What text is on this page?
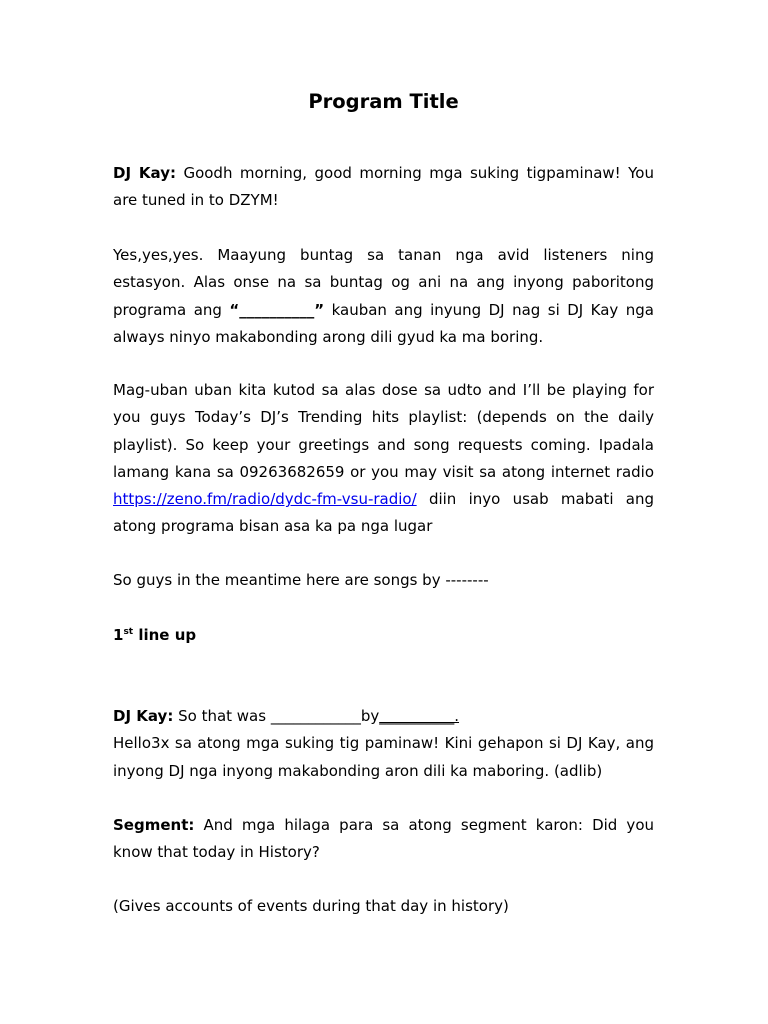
Program Title

DJ Kay: Goodh morning, good morning mga suking tigpaminaw! You are tuned in to DZYM!

Yes,yes,yes. Maayung buntag sa tanan nga avid listeners ning estasyon. Alas onse na sa buntag og ani na ang inyong paboritong programa ang “__________” kauban ang inyung DJ nag si DJ Kay nga always ninyo makabonding arong dili gyud ka ma boring.

Mag-uban uban kita kutod sa alas dose sa udto and I’ll be playing for you guys Today’s DJ’s Trending hits playlist: (depends on the daily playlist). So keep your greetings and song requests coming. Ipadala lamang kana sa 09263682659 or you may visit sa atong internet radio https://zeno.fm/radio/dydc-fm-vsu-radio/ diin inyo usab mabati ang atong programa bisan asa ka pa nga lugar

So guys in the meantime here are songs by --------

1st line up

DJ Kay: So that was ____________by__________.
Hello3x sa atong mga suking tig paminaw! Kini gehapon si DJ Kay, ang inyong DJ nga inyong makabonding aron dili ka maboring. (adlib)

Segment: And mga hilaga para sa atong segment karon: Did you know that today in History?

(Gives accounts of events during that day in history)
